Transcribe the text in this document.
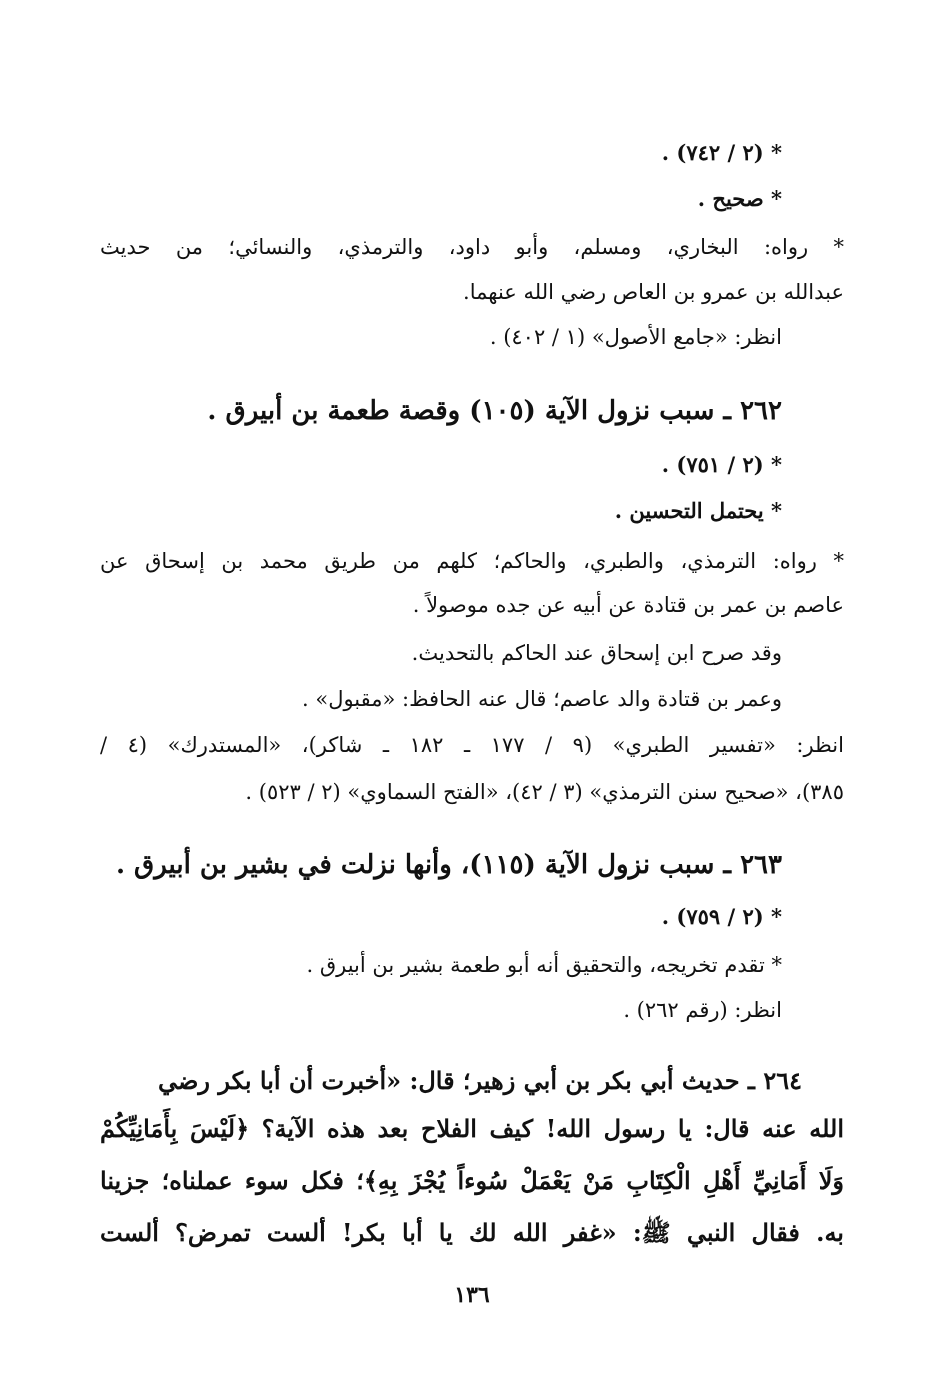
* (٢ / ٧٤٢) .
* صحيح .
* رواه: البخاري، ومسلم، وأبو داود، والترمذي، والنسائي؛ من حديث
عبدالله بن عمرو بن العاص رضي الله عنهما.
انظر: «جامع الأصول» (١ / ٤٠٢) .
٢٦٢ ـ سبب نزول الآية (١٠٥) وقصة طعمة بن أبيرق .
* (٢ / ٧٥١) .
* يحتمل التحسين .
* رواه: الترمذي، والطبري، والحاكم؛ كلهم من طريق محمد بن إسحاق عن
عاصم بن عمر بن قتادة عن أبيه عن جده موصولاً .
وقد صرح ابن إسحاق عند الحاكم بالتحديث.
وعمر بن قتادة والد عاصم؛ قال عنه الحافظ: «مقبول» .
انظر: «تفسير الطبري» (٩ / ١٧٧ ـ ١٨٢ ـ شاكر)، «المستدرك» (٤ /
٣٨٥)، «صحيح سنن الترمذي» (٣ / ٤٢)، «الفتح السماوي» (٢ / ٥٢٣) .
٢٦٣ ـ سبب نزول الآية (١١٥)، وأنها نزلت في بشير بن أبيرق .
* (٢ / ٧٥٩) .
* تقدم تخريجه، والتحقيق أنه أبو طعمة بشير بن أبيرق .
انظر: (رقم ٢٦٢) .
٢٦٤ ـ حديث أبي بكر بن أبي زهير؛ قال: «أخبرت أن أبا بكر رضي
الله عنه قال: يا رسول الله! كيف الفلاح بعد هذه الآية؟ ﴿لَيْسَ بِأَمَانِيِّكُمْ
وَلَا أَمَانِيِّ أَهْلِ الْكِتَابِ مَنْ يَعْمَلْ سُوءاً يُجْزَ بِهِ﴾؛ فكل سوء عملناه؛ جزينا
به. فقال النبي ﷺ: «غفر الله لك يا أبا بكر! ألست تمرض؟ ألست
١٣٦
